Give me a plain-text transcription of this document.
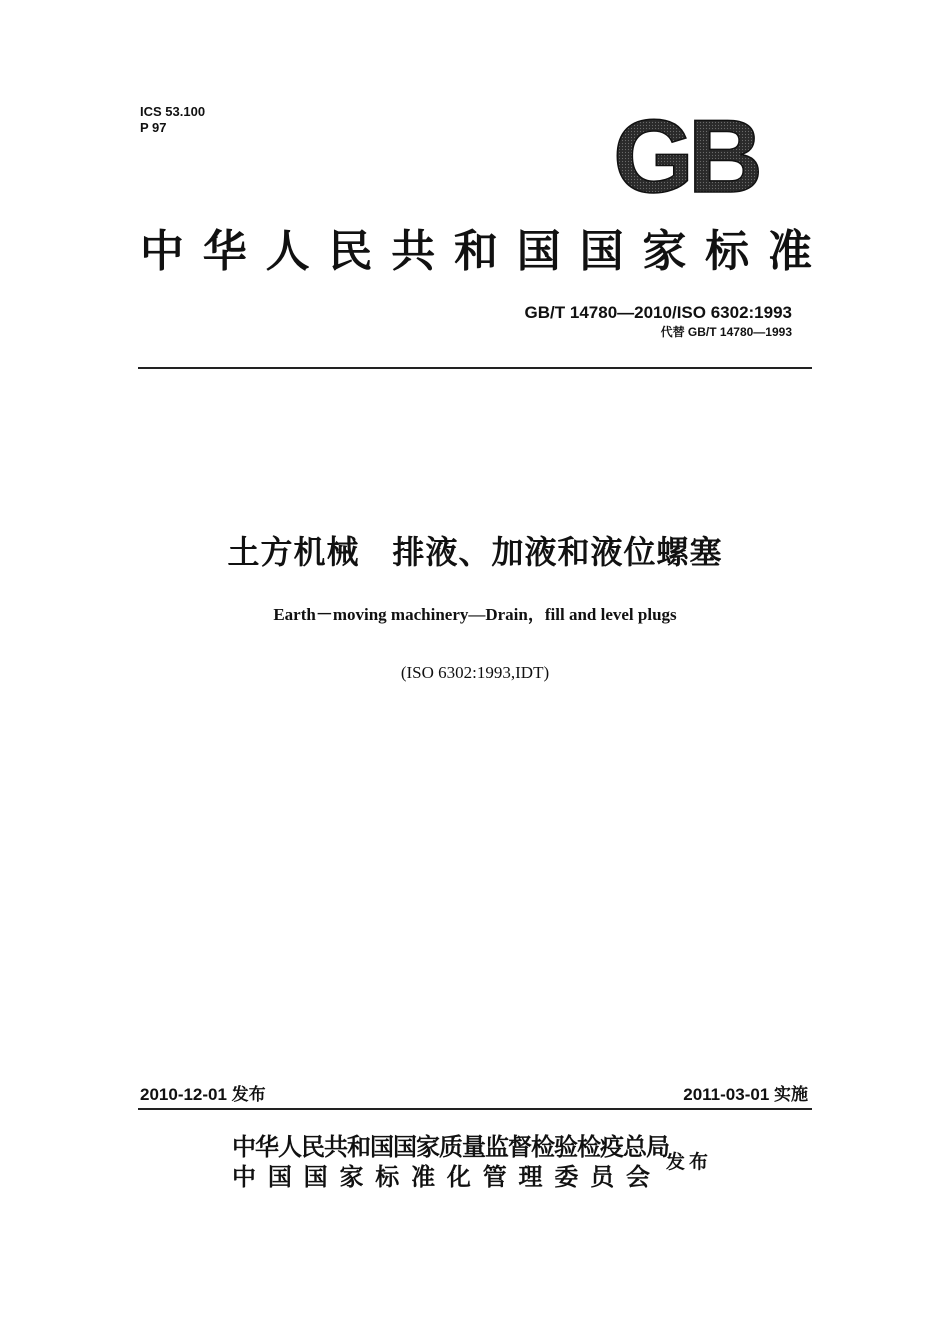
ICS 53.100
P 97	GB
中 华 人 民 共 和 国 国 家 标 准
GB/T 14780—2010/ISO 6302:1993
代替 GB/T 14780—1993
土方机械　排液、加液和液位螺塞
Earth－moving machinery—Drain，fill and level plugs
(ISO 6302:1993,IDT)
2010-12-01 发布	2011-03-01 实施
中华人民共和国国家质量监督检验检疫总局
中 国 国 家 标 准 化 管 理 委 员 会
发布
